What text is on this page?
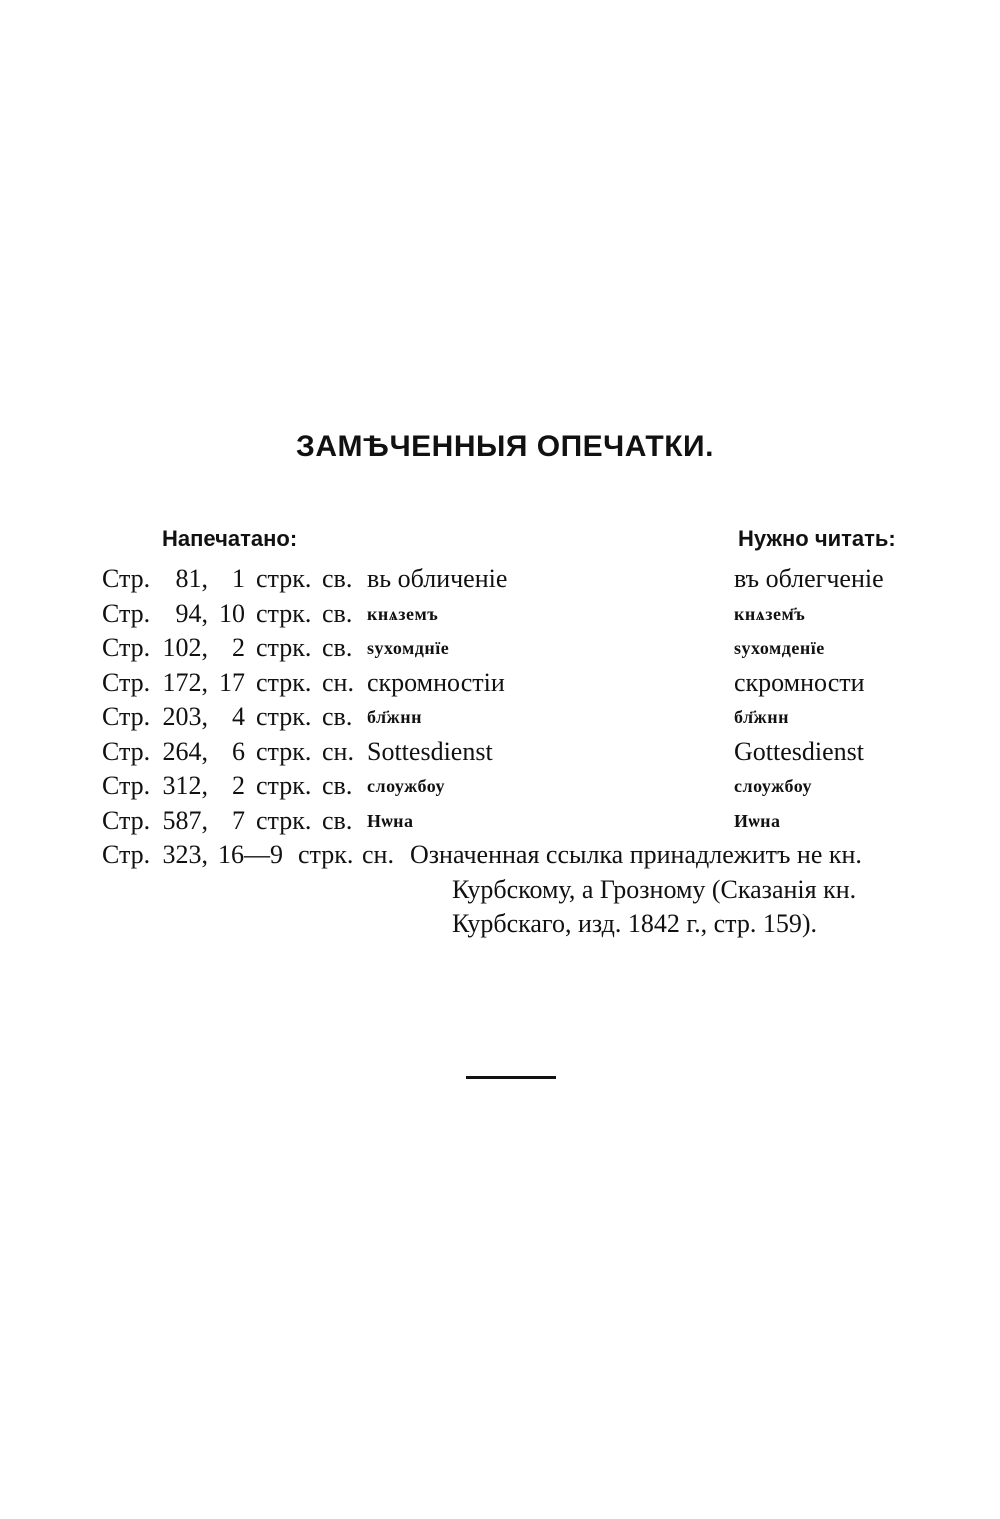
ЗАМѢЧЕННЫЯ ОПЕЧАТКИ.
Напечатано:	Нужно читать:
Стр. 81, 1 стрк. св. вь обличенiе	въ облегченiе
Стр. 94, 10 стрк. св. кнѧземъ	кнѧзем҃ъ
Стр. 102, 2 стрк. св. ѕухомднїе	ѕухомденїе
Стр. 172, 17 стрк. сн. скромностiи	скромности
Стр. 203, 4 стрк. св. бл҃жнн	бл҃жнн
Стр. 264, 6 стрк. сн. Sottesdienst	Gottesdienst
Стр. 312, 2 стрк. св. слоужбоу	слоужбоу
Стр. 587, 7 стрк. св. Нѡна	Иѡна
Стр. 323, 16—9 стрк. сн. Означенная ссылка принадлежитъ не кн.
Курбскому, а Грозному (Сказанiя кн.
Курбскаго, изд. 1842 г., стр. 159).
